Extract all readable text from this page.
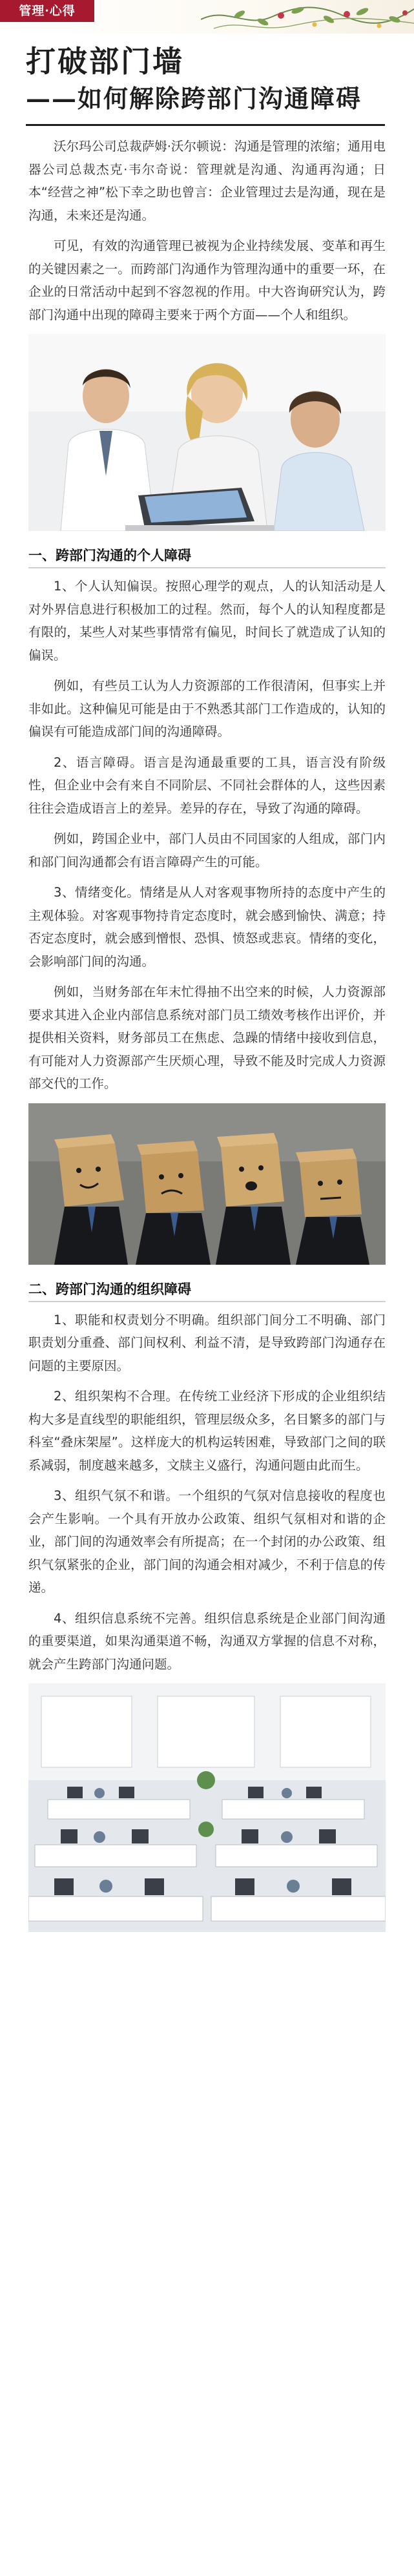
管理·心得
打破部门墙
——如何解除跨部门沟通障碍

沃尔玛公司总裁萨姆·沃尔顿说：沟通是管理的浓缩；通用电器公司总裁杰克·韦尔奇说：管理就是沟通、沟通再沟通；日本“经营之神”松下幸之助也曾言：企业管理过去是沟通，现在是沟通，未来还是沟通。

可见，有效的沟通管理已被视为企业持续发展、变革和再生的关键因素之一。而跨部门沟通作为管理沟通中的重要一环，在企业的日常活动中起到不容忽视的作用。中大咨询研究认为，跨部门沟通中出现的障碍主要来于两个方面——个人和组织。

一、跨部门沟通的个人障碍

1、个人认知偏误。按照心理学的观点，人的认知活动是人对外界信息进行积极加工的过程。然而，每个人的认知程度都是有限的，某些人对某些事情常有偏见，时间长了就造成了认知的偏误。

例如，有些员工认为人力资源部的工作很清闲，但事实上并非如此。这种偏见可能是由于不熟悉其部门工作造成的，认知的偏误有可能造成部门间的沟通障碍。

2、语言障碍。语言是沟通最重要的工具，语言没有阶级性，但企业中会有来自不同阶层、不同社会群体的人，这些因素往往会造成语言上的差异。差异的存在，导致了沟通的障碍。

例如，跨国企业中，部门人员由不同国家的人组成，部门内和部门间沟通都会有语言障碍产生的可能。

3、情绪变化。情绪是从人对客观事物所持的态度中产生的主观体验。对客观事物持肯定态度时，就会感到愉快、满意；持否定态度时，就会感到憎恨、恐惧、愤怒或悲哀。情绪的变化，会影响部门间的沟通。

例如，当财务部在年末忙得抽不出空来的时候，人力资源部要求其进入企业内部信息系统对部门员工绩效考核作出评价，并提供相关资料，财务部员工在焦虑、急躁的情绪中接收到信息，有可能对人力资源部产生厌烦心理，导致不能及时完成人力资源部交代的工作。

二、跨部门沟通的组织障碍

1、职能和权责划分不明确。组织部门间分工不明确、部门职责划分重叠、部门间权利、利益不清，是导致跨部门沟通存在问题的主要原因。

2、组织架构不合理。在传统工业经济下形成的企业组织结构大多是直线型的职能组织，管理层级众多，名目繁多的部门与科室“叠床架屋”。这样庞大的机构运转困难，导致部门之间的联系减弱，制度越来越多，文牍主义盛行，沟通问题由此而生。

3、组织气氛不和谐。一个组织的气氛对信息接收的程度也会产生影响。一个具有开放办公政策、组织气氛相对和谐的企业，部门间的沟通效率会有所提高；在一个封闭的办公政策、组织气氛紧张的企业，部门间的沟通会相对减少，不利于信息的传递。

4、组织信息系统不完善。组织信息系统是企业部门间沟通的重要渠道，如果沟通渠道不畅，沟通双方掌握的信息不对称，就会产生跨部门沟通问题。
